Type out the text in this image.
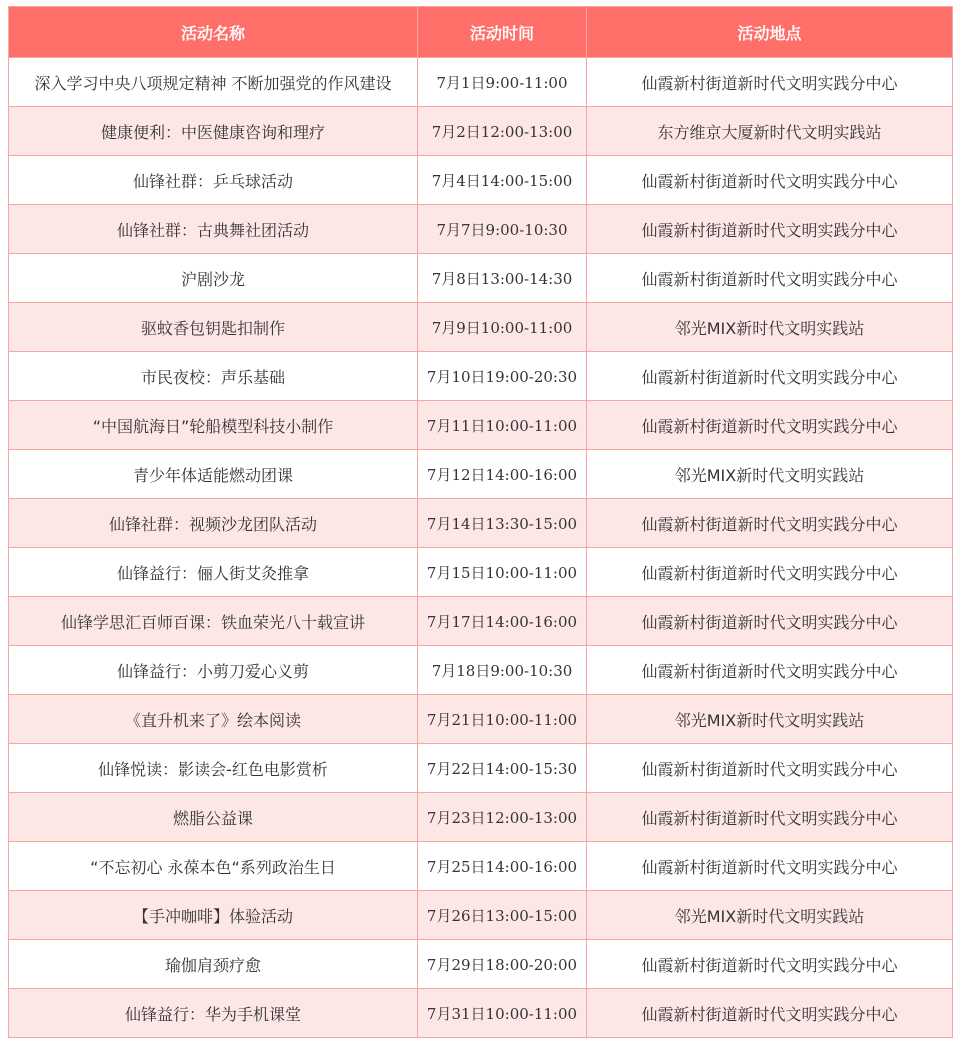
活动名称	活动时间	活动地点
深入学习中央八项规定精神 不断加强党的作风建设	7月1日9:00-11:00	仙霞新村街道新时代文明实践分中心
健康便利：中医健康咨询和理疗	7月2日12:00-13:00	东方维京大厦新时代文明实践站
仙锋社群：乒乓球活动	7月4日14:00-15:00	仙霞新村街道新时代文明实践分中心
仙锋社群：古典舞社团活动	7月7日9:00-10:30	仙霞新村街道新时代文明实践分中心
沪剧沙龙	7月8日13:00-14:30	仙霞新村街道新时代文明实践分中心
驱蚊香包钥匙扣制作	7月9日10:00-11:00	邻光MIX新时代文明实践站
市民夜校：声乐基础	7月10日19:00-20:30	仙霞新村街道新时代文明实践分中心
“中国航海日”轮船模型科技小制作	7月11日10:00-11:00	仙霞新村街道新时代文明实践分中心
青少年体适能燃动团课	7月12日14:00-16:00	邻光MIX新时代文明实践站
仙锋社群：视频沙龙团队活动	7月14日13:30-15:00	仙霞新村街道新时代文明实践分中心
仙锋益行：俪人街艾灸推拿	7月15日10:00-11:00	仙霞新村街道新时代文明实践分中心
仙锋学思汇百师百课：铁血荣光八十载宣讲	7月17日14:00-16:00	仙霞新村街道新时代文明实践分中心
仙锋益行：小剪刀爱心义剪	7月18日9:00-10:30	仙霞新村街道新时代文明实践分中心
《直升机来了》绘本阅读	7月21日10:00-11:00	邻光MIX新时代文明实践站
仙锋悦读：影读会-红色电影赏析	7月22日14:00-15:30	仙霞新村街道新时代文明实践分中心
燃脂公益课	7月23日12:00-13:00	仙霞新村街道新时代文明实践分中心
“不忘初心 永葆本色“系列政治生日	7月25日14:00-16:00	仙霞新村街道新时代文明实践分中心
【手冲咖啡】体验活动	7月26日13:00-15:00	邻光MIX新时代文明实践站
瑜伽肩颈疗愈	7月29日18:00-20:00	仙霞新村街道新时代文明实践分中心
仙锋益行：华为手机课堂	7月31日10:00-11:00	仙霞新村街道新时代文明实践分中心
